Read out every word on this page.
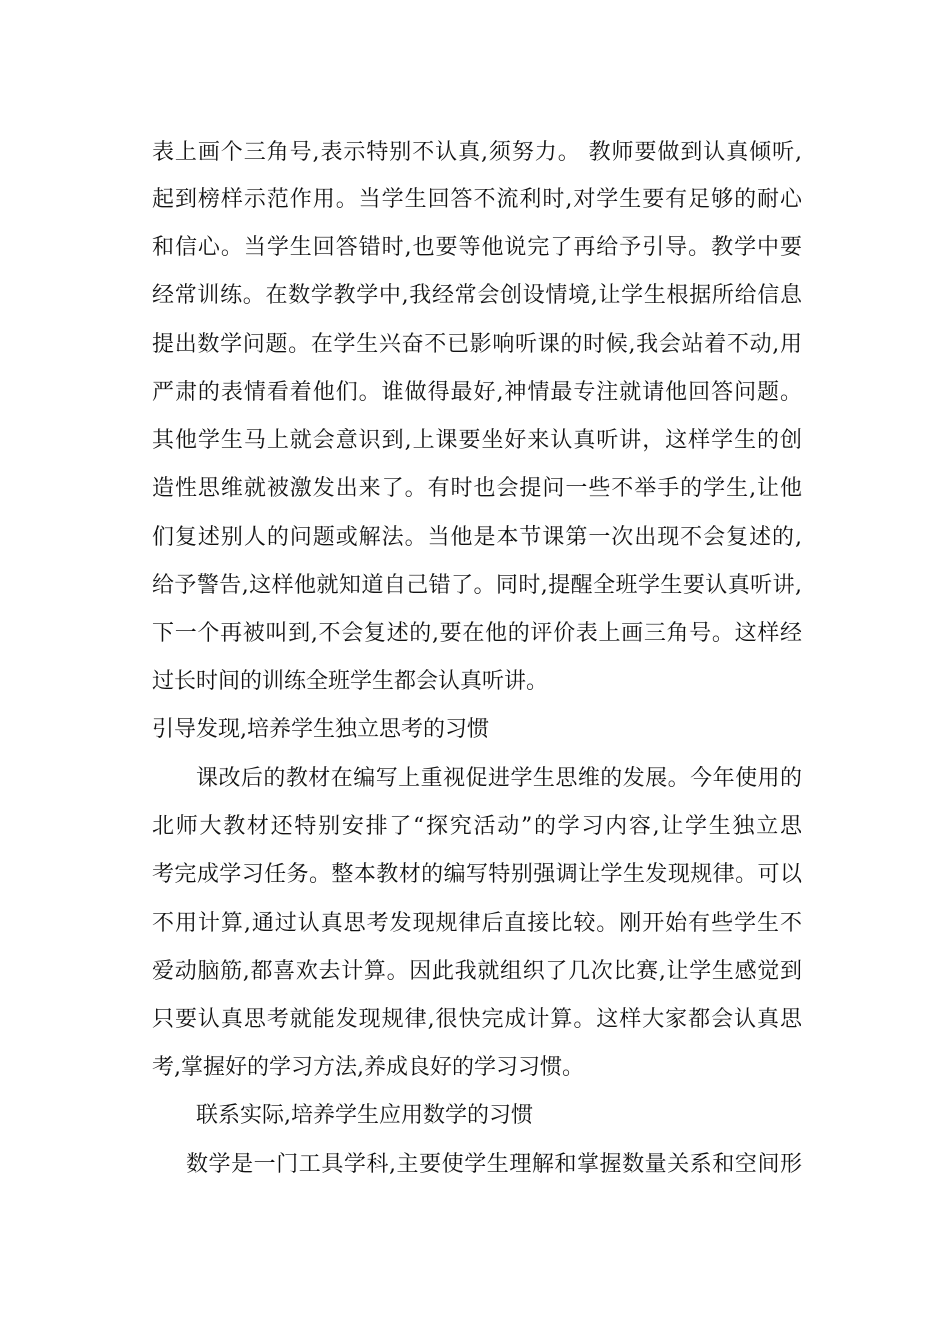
表上画个三角号,表示特别不认真,须努力。 教师要做到认真倾听,
起到榜样示范作用。当学生回答不流利时,对学生要有足够的耐心
和信心。当学生回答错时,也要等他说完了再给予引导。教学中要
经常训练。在数学教学中,我经常会创设情境,让学生根据所给信息
提出数学问题。在学生兴奋不已影响听课的时候,我会站着不动,用
严肃的表情看着他们。谁做得最好,神情最专注就请他回答问题。
其他学生马上就会意识到,上课要坐好来认真听讲，这样学生的创
造性思维就被激发出来了。有时也会提问一些不举手的学生,让他
们复述别人的问题或解法。当他是本节课第一次出现不会复述的,
给予警告,这样他就知道自己错了。同时,提醒全班学生要认真听讲,
下一个再被叫到,不会复述的,要在他的评价表上画三角号。这样经
过长时间的训练全班学生都会认真听讲。
引导发现,培养学生独立思考的习惯
课改后的教材在编写上重视促进学生思维的发展。今年使用的
北师大教材还特别安排了“探究活动”的学习内容,让学生独立思
考完成学习任务。整本教材的编写特别强调让学生发现规律。可以
不用计算,通过认真思考发现规律后直接比较。刚开始有些学生不
爱动脑筋,都喜欢去计算。因此我就组织了几次比赛,让学生感觉到
只要认真思考就能发现规律,很快完成计算。这样大家都会认真思
考,掌握好的学习方法,养成良好的学习习惯。
联系实际,培养学生应用数学的习惯
数学是一门工具学科,主要使学生理解和掌握数量关系和空间形
